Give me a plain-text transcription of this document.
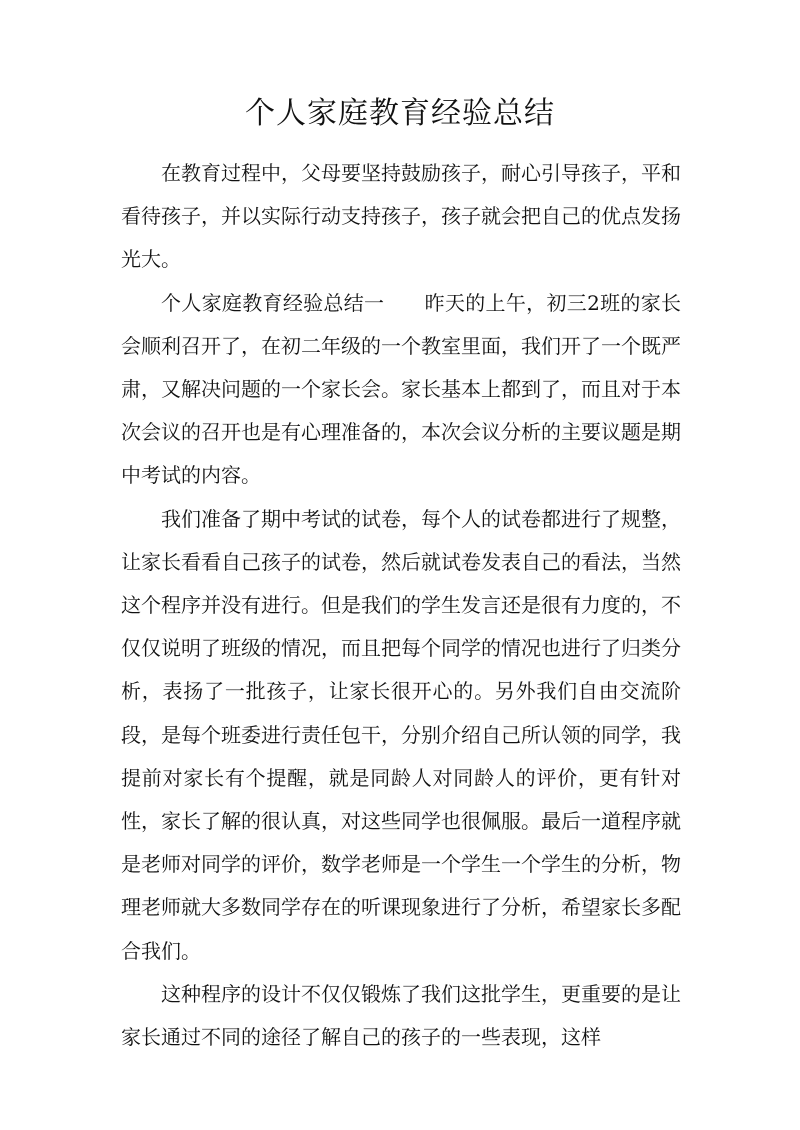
个人家庭教育经验总结

在教育过程中，父母要坚持鼓励孩子，耐心引导孩子，平和看待孩子，并以实际行动支持孩子，孩子就会把自己的优点发扬光大。

个人家庭教育经验总结一 昨天的上午，初三2班的家长会顺利召开了，在初二年级的一个教室里面，我们开了一个既严肃，又解决问题的一个家长会。家长基本上都到了，而且对于本次会议的召开也是有心理准备的，本次会议分析的主要议题是期中考试的内容。

我们准备了期中考试的试卷，每个人的试卷都进行了规整，让家长看看自己孩子的试卷，然后就试卷发表自己的看法，当然这个程序并没有进行。但是我们的学生发言还是很有力度的，不仅仅说明了班级的情况，而且把每个同学的情况也进行了归类分析，表扬了一批孩子，让家长很开心的。另外我们自由交流阶段，是每个班委进行责任包干，分别介绍自己所认领的同学，我提前对家长有个提醒，就是同龄人对同龄人的评价，更有针对性，家长了解的很认真，对这些同学也很佩服。最后一道程序就是老师对同学的评价，数学老师是一个学生一个学生的分析，物理老师就大多数同学存在的听课现象进行了分析，希望家长多配合我们。

这种程序的设计不仅仅锻炼了我们这批学生，更重要的是让家长通过不同的途径了解自己的孩子的一些表现，这样
